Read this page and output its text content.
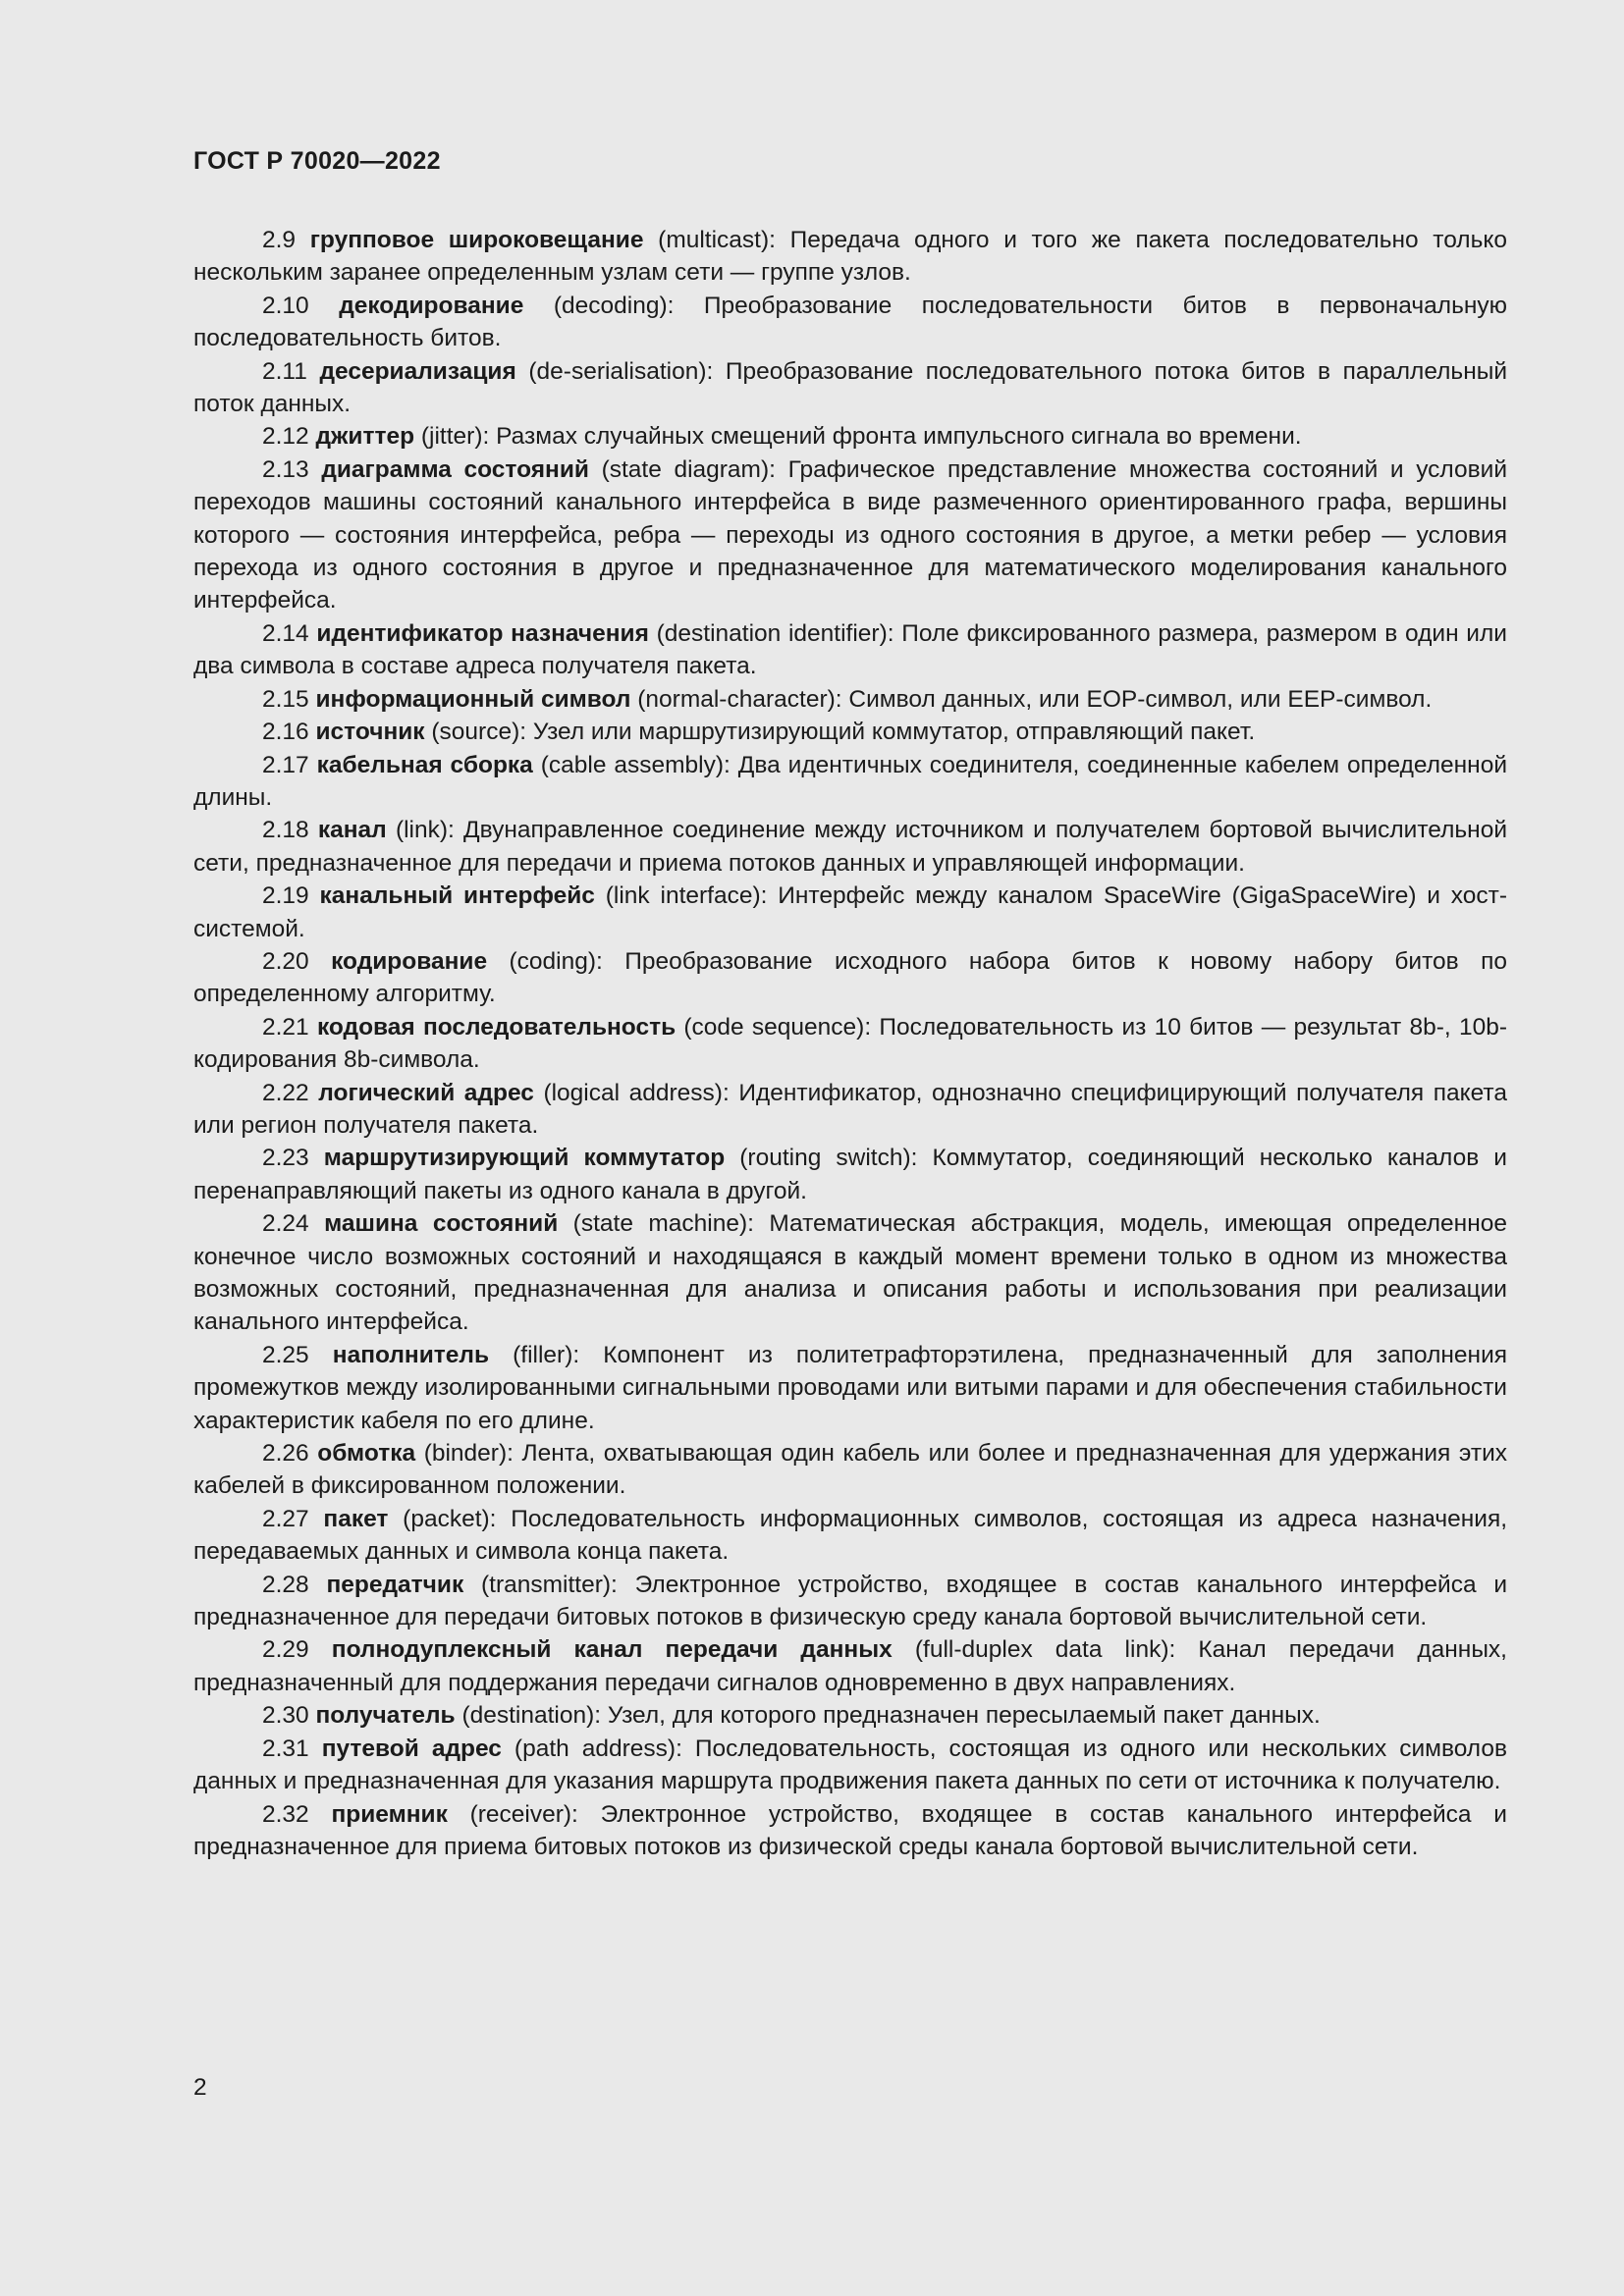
ГОСТ Р 70020—2022

2.9 групповое широковещание (multicast): Передача одного и того же пакета последовательно только нескольким заранее определенным узлам сети — группе узлов.

2.10 декодирование (decoding): Преобразование последовательности битов в первоначальную последовательность битов.

2.11 десериализация (de-serialisation): Преобразование последовательного потока битов в параллельный поток данных.

2.12 джиттер (jitter): Размах случайных смещений фронта импульсного сигнала во времени.

2.13 диаграмма состояний (state diagram): Графическое представление множества состояний и условий переходов машины состояний канального интерфейса в виде размеченного ориентированного графа, вершины которого — состояния интерфейса, ребра — переходы из одного состояния в другое, а метки ребер — условия перехода из одного состояния в другое и предназначенное для математического моделирования канального интерфейса.

2.14 идентификатор назначения (destination identifier): Поле фиксированного размера, размером в один или два символа в составе адреса получателя пакета.

2.15 информационный символ (normal-character): Символ данных, или EOP-символ, или EEP-символ.

2.16 источник (source): Узел или маршрутизирующий коммутатор, отправляющий пакет.

2.17 кабельная сборка (cable assembly): Два идентичных соединителя, соединенные кабелем определенной длины.

2.18 канал (link): Двунаправленное соединение между источником и получателем бортовой вычислительной сети, предназначенное для передачи и приема потоков данных и управляющей информации.

2.19 канальный интерфейс (link interface): Интерфейс между каналом SpaceWire (GigaSpaceWire) и хост-системой.

2.20 кодирование (coding): Преобразование исходного набора битов к новому набору битов по определенному алгоритму.

2.21 кодовая последовательность (code sequence): Последовательность из 10 битов — результат 8b-, 10b-кодирования 8b-символа.

2.22 логический адрес (logical address): Идентификатор, однозначно специфицирующий получателя пакета или регион получателя пакета.

2.23 маршрутизирующий коммутатор (routing switch): Коммутатор, соединяющий несколько каналов и перенаправляющий пакеты из одного канала в другой.

2.24 машина состояний (state machine): Математическая абстракция, модель, имеющая определенное конечное число возможных состояний и находящаяся в каждый момент времени только в одном из множества возможных состояний, предназначенная для анализа и описания работы и использования при реализации канального интерфейса.

2.25 наполнитель (filler): Компонент из политетрафторэтилена, предназначенный для заполнения промежутков между изолированными сигнальными проводами или витыми парами и для обеспечения стабильности характеристик кабеля по его длине.

2.26 обмотка (binder): Лента, охватывающая один кабель или более и предназначенная для удержания этих кабелей в фиксированном положении.

2.27 пакет (packet): Последовательность информационных символов, состоящая из адреса назначения, передаваемых данных и символа конца пакета.

2.28 передатчик (transmitter): Электронное устройство, входящее в состав канального интерфейса и предназначенное для передачи битовых потоков в физическую среду канала бортовой вычислительной сети.

2.29 полнодуплексный канал передачи данных (full-duplex data link): Канал передачи данных, предназначенный для поддержания передачи сигналов одновременно в двух направлениях.

2.30 получатель (destination): Узел, для которого предназначен пересылаемый пакет данных.

2.31 путевой адрес (path address): Последовательность, состоящая из одного или нескольких символов данных и предназначенная для указания маршрута продвижения пакета данных по сети от источника к получателю.

2.32 приемник (receiver): Электронное устройство, входящее в состав канального интерфейса и предназначенное для приема битовых потоков из физической среды канала бортовой вычислительной сети.

2
